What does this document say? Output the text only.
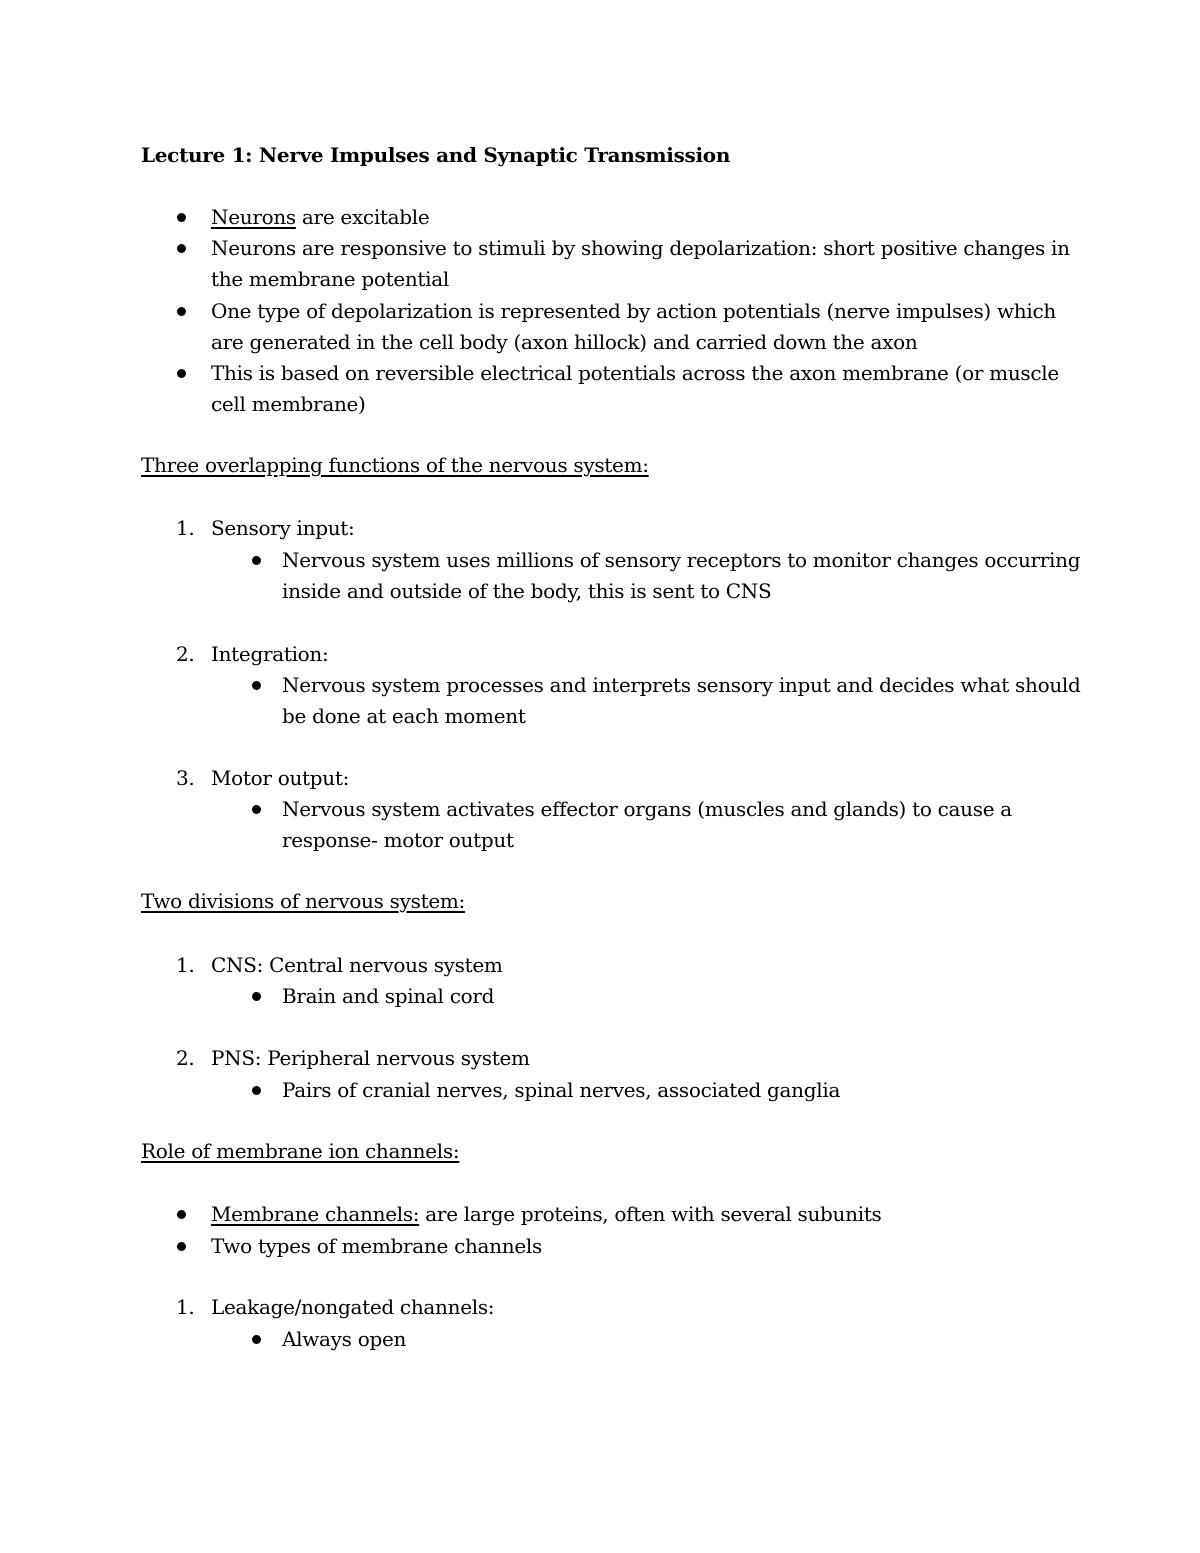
Lecture 1: Nerve Impulses and Synaptic Transmission
Neurons are excitable
Neurons are responsive to stimuli by showing depolarization: short positive changes in the membrane potential
One type of depolarization is represented by action potentials (nerve impulses) which are generated in the cell body (axon hillock) and carried down the axon
This is based on reversible electrical potentials across the axon membrane (or muscle cell membrane)
Three overlapping functions of the nervous system:
1. Sensory input:
Nervous system uses millions of sensory receptors to monitor changes occurring inside and outside of the body, this is sent to CNS
2. Integration:
Nervous system processes and interprets sensory input and decides what should be done at each moment
3. Motor output:
Nervous system activates effector organs (muscles and glands) to cause a response- motor output
Two divisions of nervous system:
1. CNS: Central nervous system
Brain and spinal cord
2. PNS: Peripheral nervous system
Pairs of cranial nerves, spinal nerves, associated ganglia
Role of membrane ion channels:
Membrane channels: are large proteins, often with several subunits
Two types of membrane channels
1. Leakage/nongated channels:
Always open
